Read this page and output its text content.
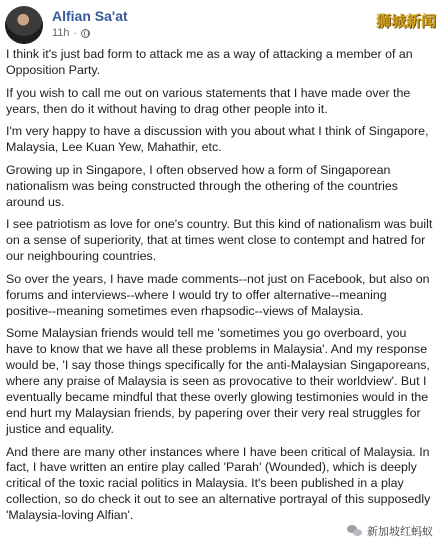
Alfian Sa'at
11h ·
狮城新闻

I think it's just bad form to attack me as a way of attacking a member of an Opposition Party.

If you wish to call me out on various statements that I have made over the years, then do it without having to drag other people into it.

I'm very happy to have a discussion with you about what I think of Singapore, Malaysia, Lee Kuan Yew, Mahathir, etc.

Growing up in Singapore, I often observed how a form of Singaporean nationalism was being constructed through the othering of the countries around us.

I see patriotism as love for one's country. But this kind of nationalism was built on a sense of superiority, that at times went close to contempt and hatred for our neighbouring countries.

So over the years, I have made comments--not just on Facebook, but also on forums and interviews--where I would try to offer alternative--meaning positive--meaning sometimes even rhapsodic--views of Malaysia.

Some Malaysian friends would tell me 'sometimes you go overboard, you have to know that we have all these problems in Malaysia'. And my response would be, 'I say those things specifically for the anti-Malaysian Singaporeans, where any praise of Malaysia is seen as provocative to their worldview'. But I eventually became mindful that these overly glowing testimonies would in the end hurt my Malaysian friends, by papering over their very real struggles for justice and equality.

And there are many other instances where I have been critical of Malaysia. In fact, I have written an entire play called 'Parah' (Wounded), which is deeply critical of the toxic racial politics in Malaysia. It's been published in a play collection, so do check it out to see an alternative portrayal of this supposedly 'Malaysia-loving Alfian'.

新加坡红蚂蚁
